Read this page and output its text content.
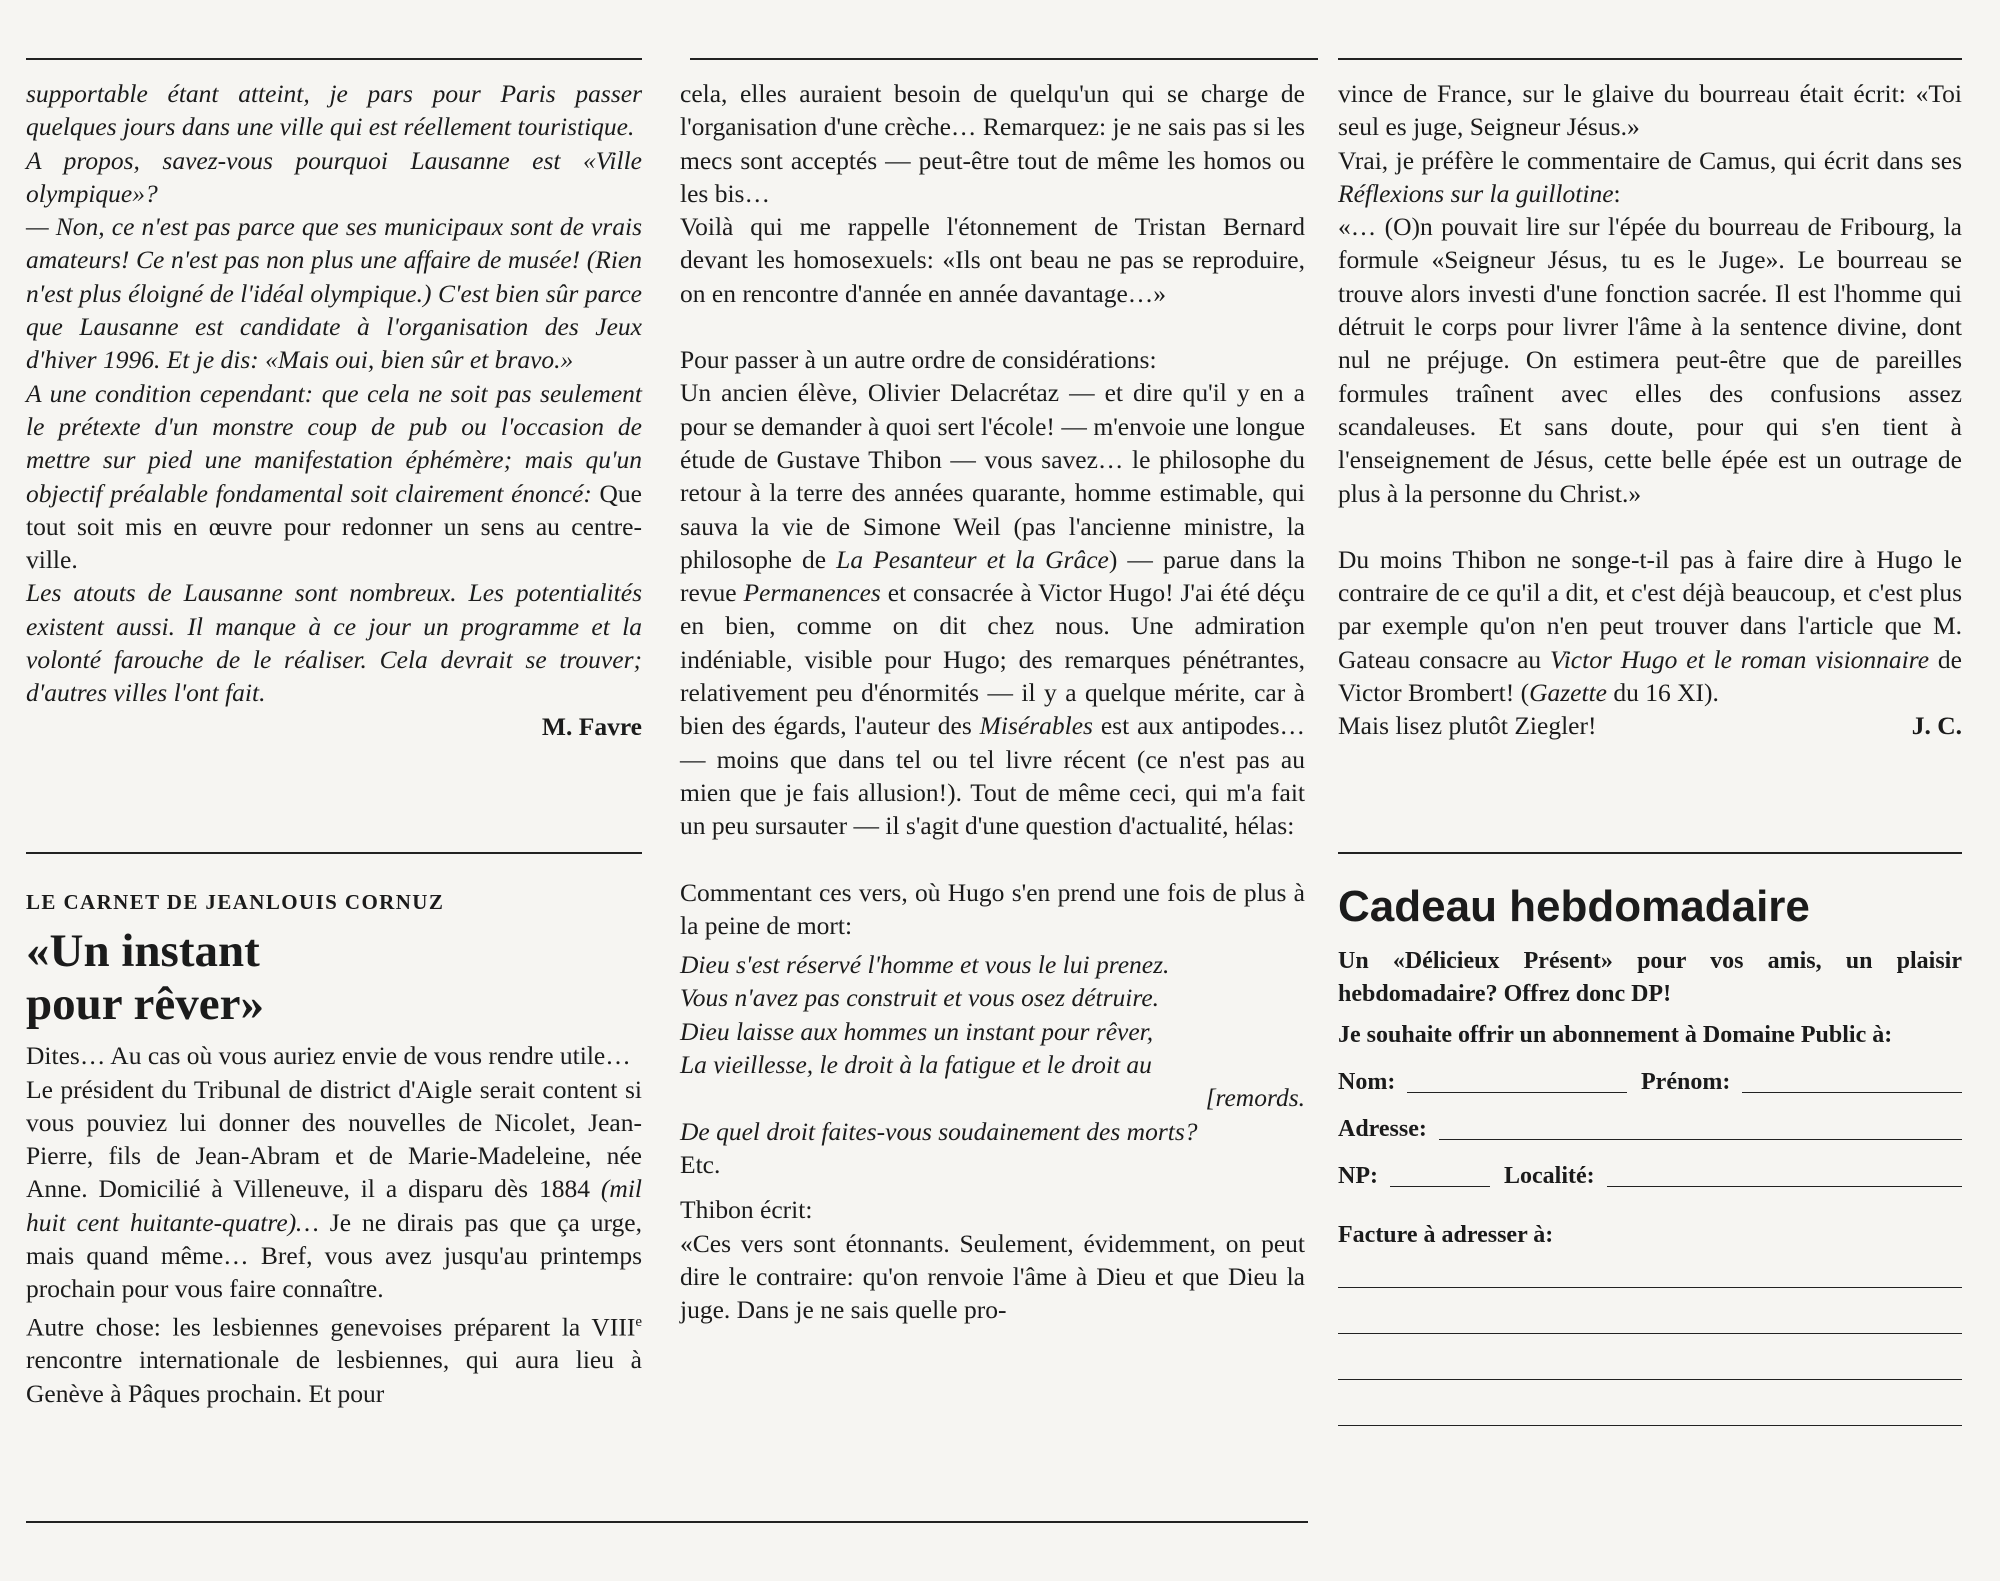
supportable étant atteint, je pars pour Paris passer quelques jours dans une ville qui est réellement touristique.

A propos, savez-vous pourquoi Lausanne est «Ville olympique»?

— Non, ce n'est pas parce que ses municipaux sont de vrais amateurs! Ce n'est pas non plus une affaire de musée! (Rien n'est plus éloigné de l'idéal olympique.) C'est bien sûr parce que Lausanne est candidate à l'organisation des Jeux d'hiver 1996. Et je dis: «Mais oui, bien sûr et bravo.»

A une condition cependant: que cela ne soit pas seulement le prétexte d'un monstre coup de pub ou l'occasion de mettre sur pied une manifestation éphémère; mais qu'un objectif préalable fondamental soit clairement énoncé: Que tout soit mis en œuvre pour redonner un sens au centre-ville.

Les atouts de Lausanne sont nombreux. Les potentialités existent aussi. Il manque à ce jour un programme et la volonté farouche de le réaliser. Cela devrait se trouver; d'autres villes l'ont fait.

M. Favre

LE CARNET DE JEANLOUIS CORNUZ

«Un instant
pour rêver»

Dites… Au cas où vous auriez envie de vous rendre utile…

Le président du Tribunal de district d'Aigle serait content si vous pouviez lui donner des nouvelles de Nicolet, Jean-Pierre, fils de Jean-Abram et de Marie-Madeleine, née Anne. Domicilié à Villeneuve, il a disparu dès 1884 (mil huit cent huitante-quatre)… Je ne dirais pas que ça urge, mais quand même… Bref, vous avez jusqu'au printemps prochain pour vous faire connaître.

Autre chose: les lesbiennes genevoises préparent la VIIIe rencontre internationale de lesbiennes, qui aura lieu à Genève à Pâques prochain. Et pour

cela, elles auraient besoin de quelqu'un qui se charge de l'organisation d'une crèche… Remarquez: je ne sais pas si les mecs sont acceptés — peut-être tout de même les homos ou les bis…

Voilà qui me rappelle l'étonnement de Tristan Bernard devant les homosexuels: «Ils ont beau ne pas se reproduire, on en rencontre d'année en année davantage…»

Pour passer à un autre ordre de considérations:

Un ancien élève, Olivier Delacrétaz — et dire qu'il y en a pour se demander à quoi sert l'école! — m'envoie une longue étude de Gustave Thibon — vous savez… le philosophe du retour à la terre des années quarante, homme estimable, qui sauva la vie de Simone Weil (pas l'ancienne ministre, la philosophe de La Pesanteur et la Grâce) — parue dans la revue Permanences et consacrée à Victor Hugo! J'ai été déçu en bien, comme on dit chez nous. Une admiration indéniable, visible pour Hugo; des remarques pénétrantes, relativement peu d'énormités — il y a quelque mérite, car à bien des égards, l'auteur des Misérables est aux antipodes… — moins que dans tel ou tel livre récent (ce n'est pas au mien que je fais allusion!). Tout de même ceci, qui m'a fait un peu sursauter — il s'agit d'une question d'actualité, hélas:

Commentant ces vers, où Hugo s'en prend une fois de plus à la peine de mort:

Dieu s'est réservé l'homme et vous le lui prenez.

Vous n'avez pas construit et vous osez détruire.

Dieu laisse aux hommes un instant pour rêver,

La vieillesse, le droit à la fatigue et le droit au

[remords.

De quel droit faites-vous soudainement des morts?

Etc.

Thibon écrit:

«Ces vers sont étonnants. Seulement, évidemment, on peut dire le contraire: qu'on renvoie l'âme à Dieu et que Dieu la juge. Dans je ne sais quelle pro-

vince de France, sur le glaive du bourreau était écrit: «Toi seul es juge, Seigneur Jésus.»

Vrai, je préfère le commentaire de Camus, qui écrit dans ses Réflexions sur la guillotine:

«… (O)n pouvait lire sur l'épée du bourreau de Fribourg, la formule «Seigneur Jésus, tu es le Juge». Le bourreau se trouve alors investi d'une fonction sacrée. Il est l'homme qui détruit le corps pour livrer l'âme à la sentence divine, dont nul ne préjuge. On estimera peut-être que de pareilles formules traînent avec elles des confusions assez scandaleuses. Et sans doute, pour qui s'en tient à l'enseignement de Jésus, cette belle épée est un outrage de plus à la personne du Christ.»

Du moins Thibon ne songe-t-il pas à faire dire à Hugo le contraire de ce qu'il a dit, et c'est déjà beaucoup, et c'est plus par exemple qu'on n'en peut trouver dans l'article que M. Gateau consacre au Victor Hugo et le roman visionnaire de Victor Brombert! (Gazette du 16 XI).

Mais lisez plutôt Ziegler!	J. C.
Cadeau hebdomadaire

Un «Délicieux Présent» pour vos amis, un plaisir hebdomadaire? Offrez donc DP!

Je souhaite offrir un abonnement à Domaine Public à:

Nom:	Prénom:
Adresse:
NP:	Localité:

Facture à adresser à:
